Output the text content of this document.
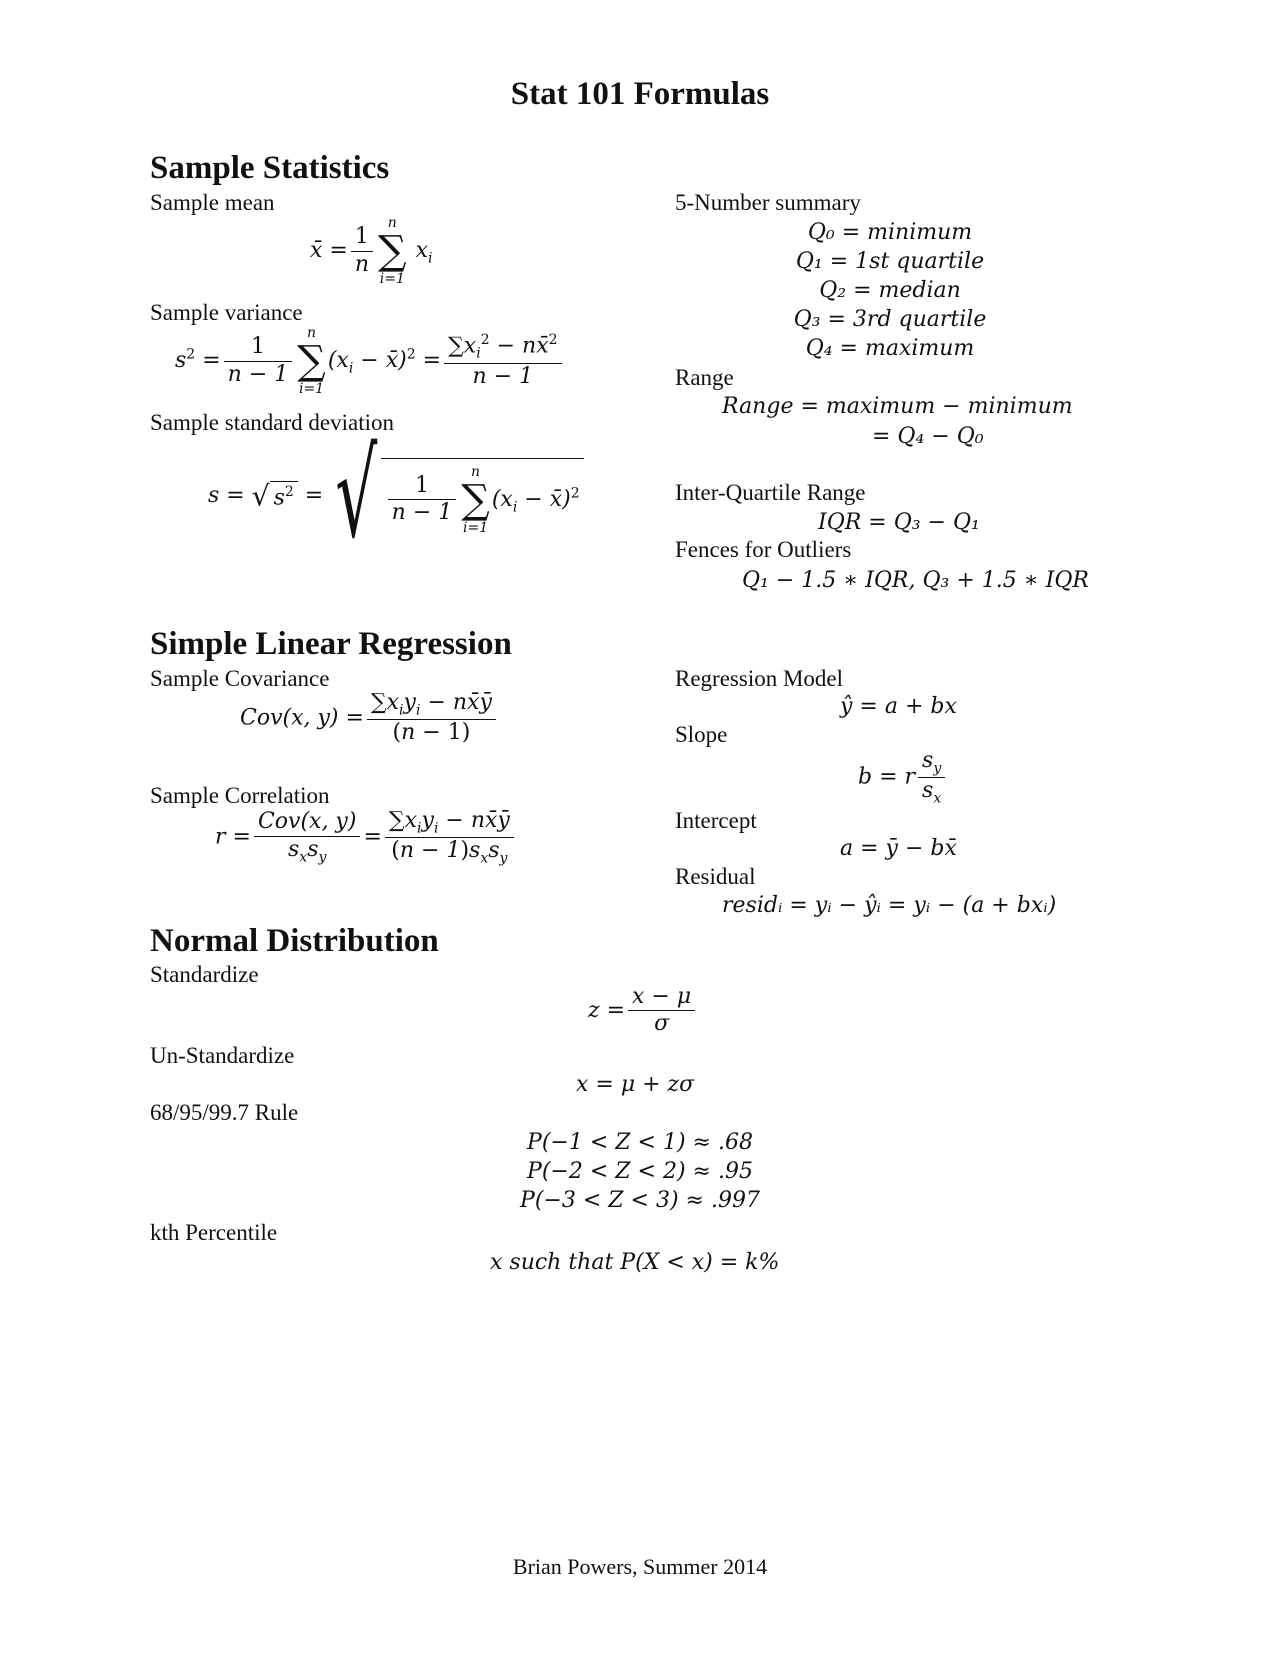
Stat 101 Formulas
Sample Statistics
Sample mean
x̄ = $\frac{1}{n}$
n
∑
i=1
$x_i$
Sample variance
$s^2 = \frac{1}{n - 1}$
n
∑
i=1
($x_i$ − x̄)$^2$ = $\frac{\sum x_i^2 - nx̄^2}{n - 1}$
Sample standard deviation
s = √ $s^2$ = √ $\frac{1}{n - 1}$
n
∑
i=1
($x_i$ − x̄)$^2$
5-Number summary
Q₀ = minimum
Q₁ = 1st quartile
Q₂ = median
Q₃ = 3rd quartile
Q₄ = maximum
Range
Range = maximum − minimum
= Q₄ − Q₀
Inter-Quartile Range
IQR = Q₃ − Q₁
Fences for Outliers
Q₁ − 1.5 ∗ IQR, Q₃ + 1.5 ∗ IQR
Simple Linear Regression
Sample Covariance
Cov(x, y) =
$\sum x_iy_i$ − nx̄ȳ
(n − 1)
Sample Correlation
r =
Cov(x, y)
$s_xs_y$
=
$\sum x_iy_i$ − nx̄ȳ
$(n - 1)s_xs_y$
Regression Model
ŷ = a + bx
Slope
b = r $\frac{s_y}{s_x}$
Intercept
a = ȳ − bx̄
Residual
residᵢ = yᵢ − ŷᵢ = yᵢ − (a + bxᵢ)
Normal Distribution
Standardize
$z = \frac{x - \mu}{\sigma}$
Un-Standardize
x = μ + zσ
68/95/99.7 Rule
P(−1 < Z < 1) ≈ .68
P(−2 < Z < 2) ≈ .95
P(−3 < Z < 3) ≈ .997
kth Percentile
x such that P(X < x) = k%
Brian Powers, Summer 2014
